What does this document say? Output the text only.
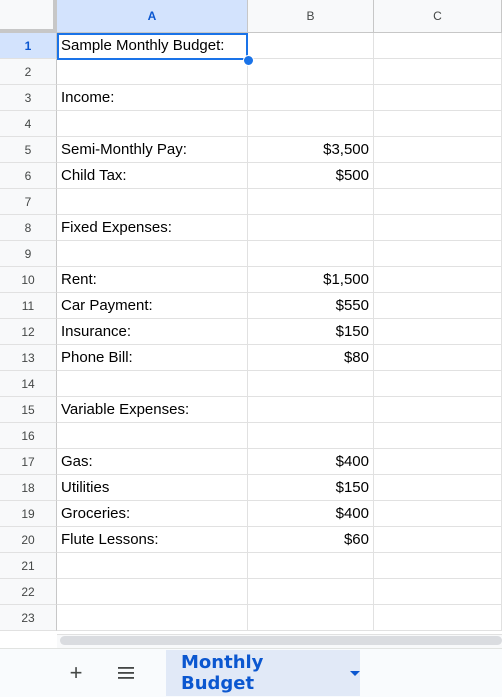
A	B	C
1	Sample Monthly Budget:
2
3	Income:
4
5	Semi-Monthly Pay:	$3,500
6	Child Tax:	$500
7
8	Fixed Expenses:
9
10	Rent:	$1,500
11	Car Payment:	$550
12	Insurance:	$150
13	Phone Bill:	$80
14
15	Variable Expenses:
16
17	Gas:	$400
18	Utilities	$150
19	Groceries:	$400
20	Flute Lessons:	$60
21
22
23
+	Monthly Budget
